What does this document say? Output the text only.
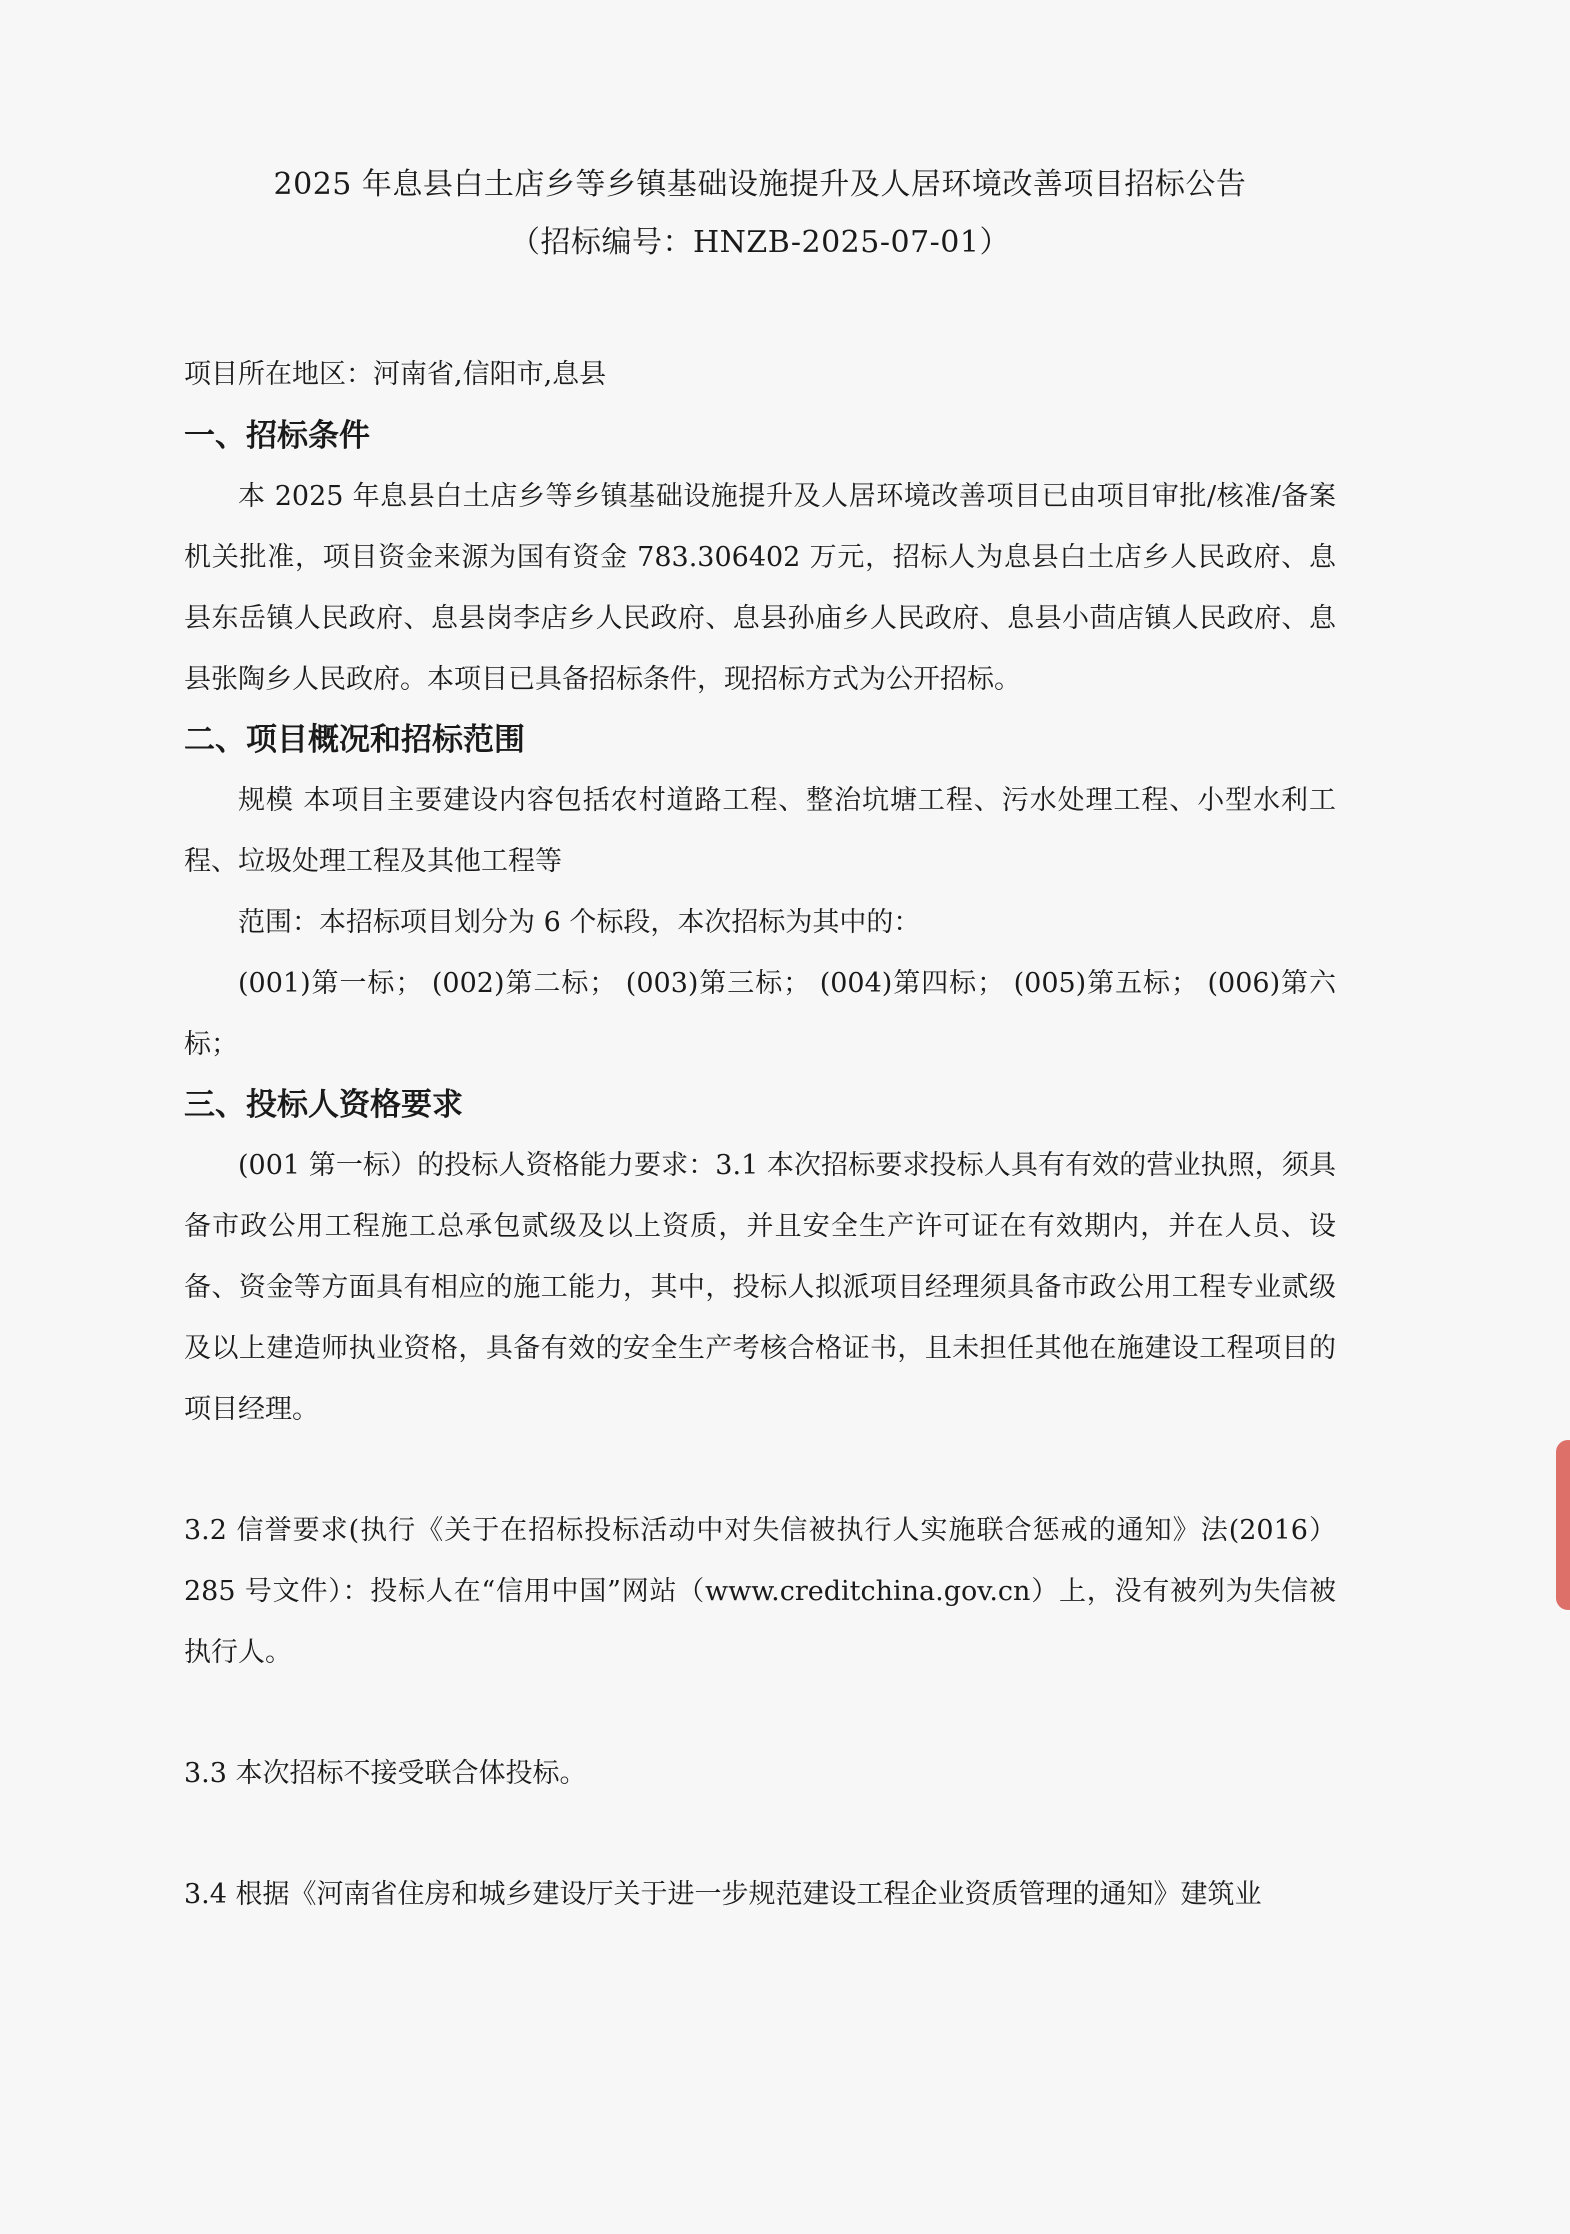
2025 年息县白土店乡等乡镇基础设施提升及人居环境改善项目招标公告

（招标编号：HNZB-2025-07-01）

项目所在地区：河南省,信阳市,息县

一、招标条件

本 2025 年息县白土店乡等乡镇基础设施提升及人居环境改善项目已由项目审批/核准/备案机关批准，项目资金来源为国有资金 783.306402 万元，招标人为息县白土店乡人民政府、息县东岳镇人民政府、息县岗李店乡人民政府、息县孙庙乡人民政府、息县小茴店镇人民政府、息县张陶乡人民政府。本项目已具备招标条件，现招标方式为公开招标。

二、项目概况和招标范围

规模 本项目主要建设内容包括农村道路工程、整治坑塘工程、污水处理工程、小型水利工程、垃圾处理工程及其他工程等

范围：本招标项目划分为 6 个标段，本次招标为其中的：

(001)第一标； (002)第二标； (003)第三标； (004)第四标； (005)第五标； (006)第六标；

三、投标人资格要求

(001 第一标）的投标人资格能力要求：3.1 本次招标要求投标人具有有效的营业执照，须具备市政公用工程施工总承包贰级及以上资质，并且安全生产许可证在有效期内，并在人员、设备、资金等方面具有相应的施工能力，其中，投标人拟派项目经理须具备市政公用工程专业贰级及以上建造师执业资格，具备有效的安全生产考核合格证书，且未担任其他在施建设工程项目的项目经理。

3.2 信誉要求(执行《关于在招标投标活动中对失信被执行人实施联合惩戒的通知》法(2016）285 号文件）：投标人在“信用中国”网站（www.creditchina.gov.cn）上，没有被列为失信被执行人。

3.3 本次招标不接受联合体投标。

3.4 根据《河南省住房和城乡建设厅关于进一步规范建设工程企业资质管理的通知》建筑业
